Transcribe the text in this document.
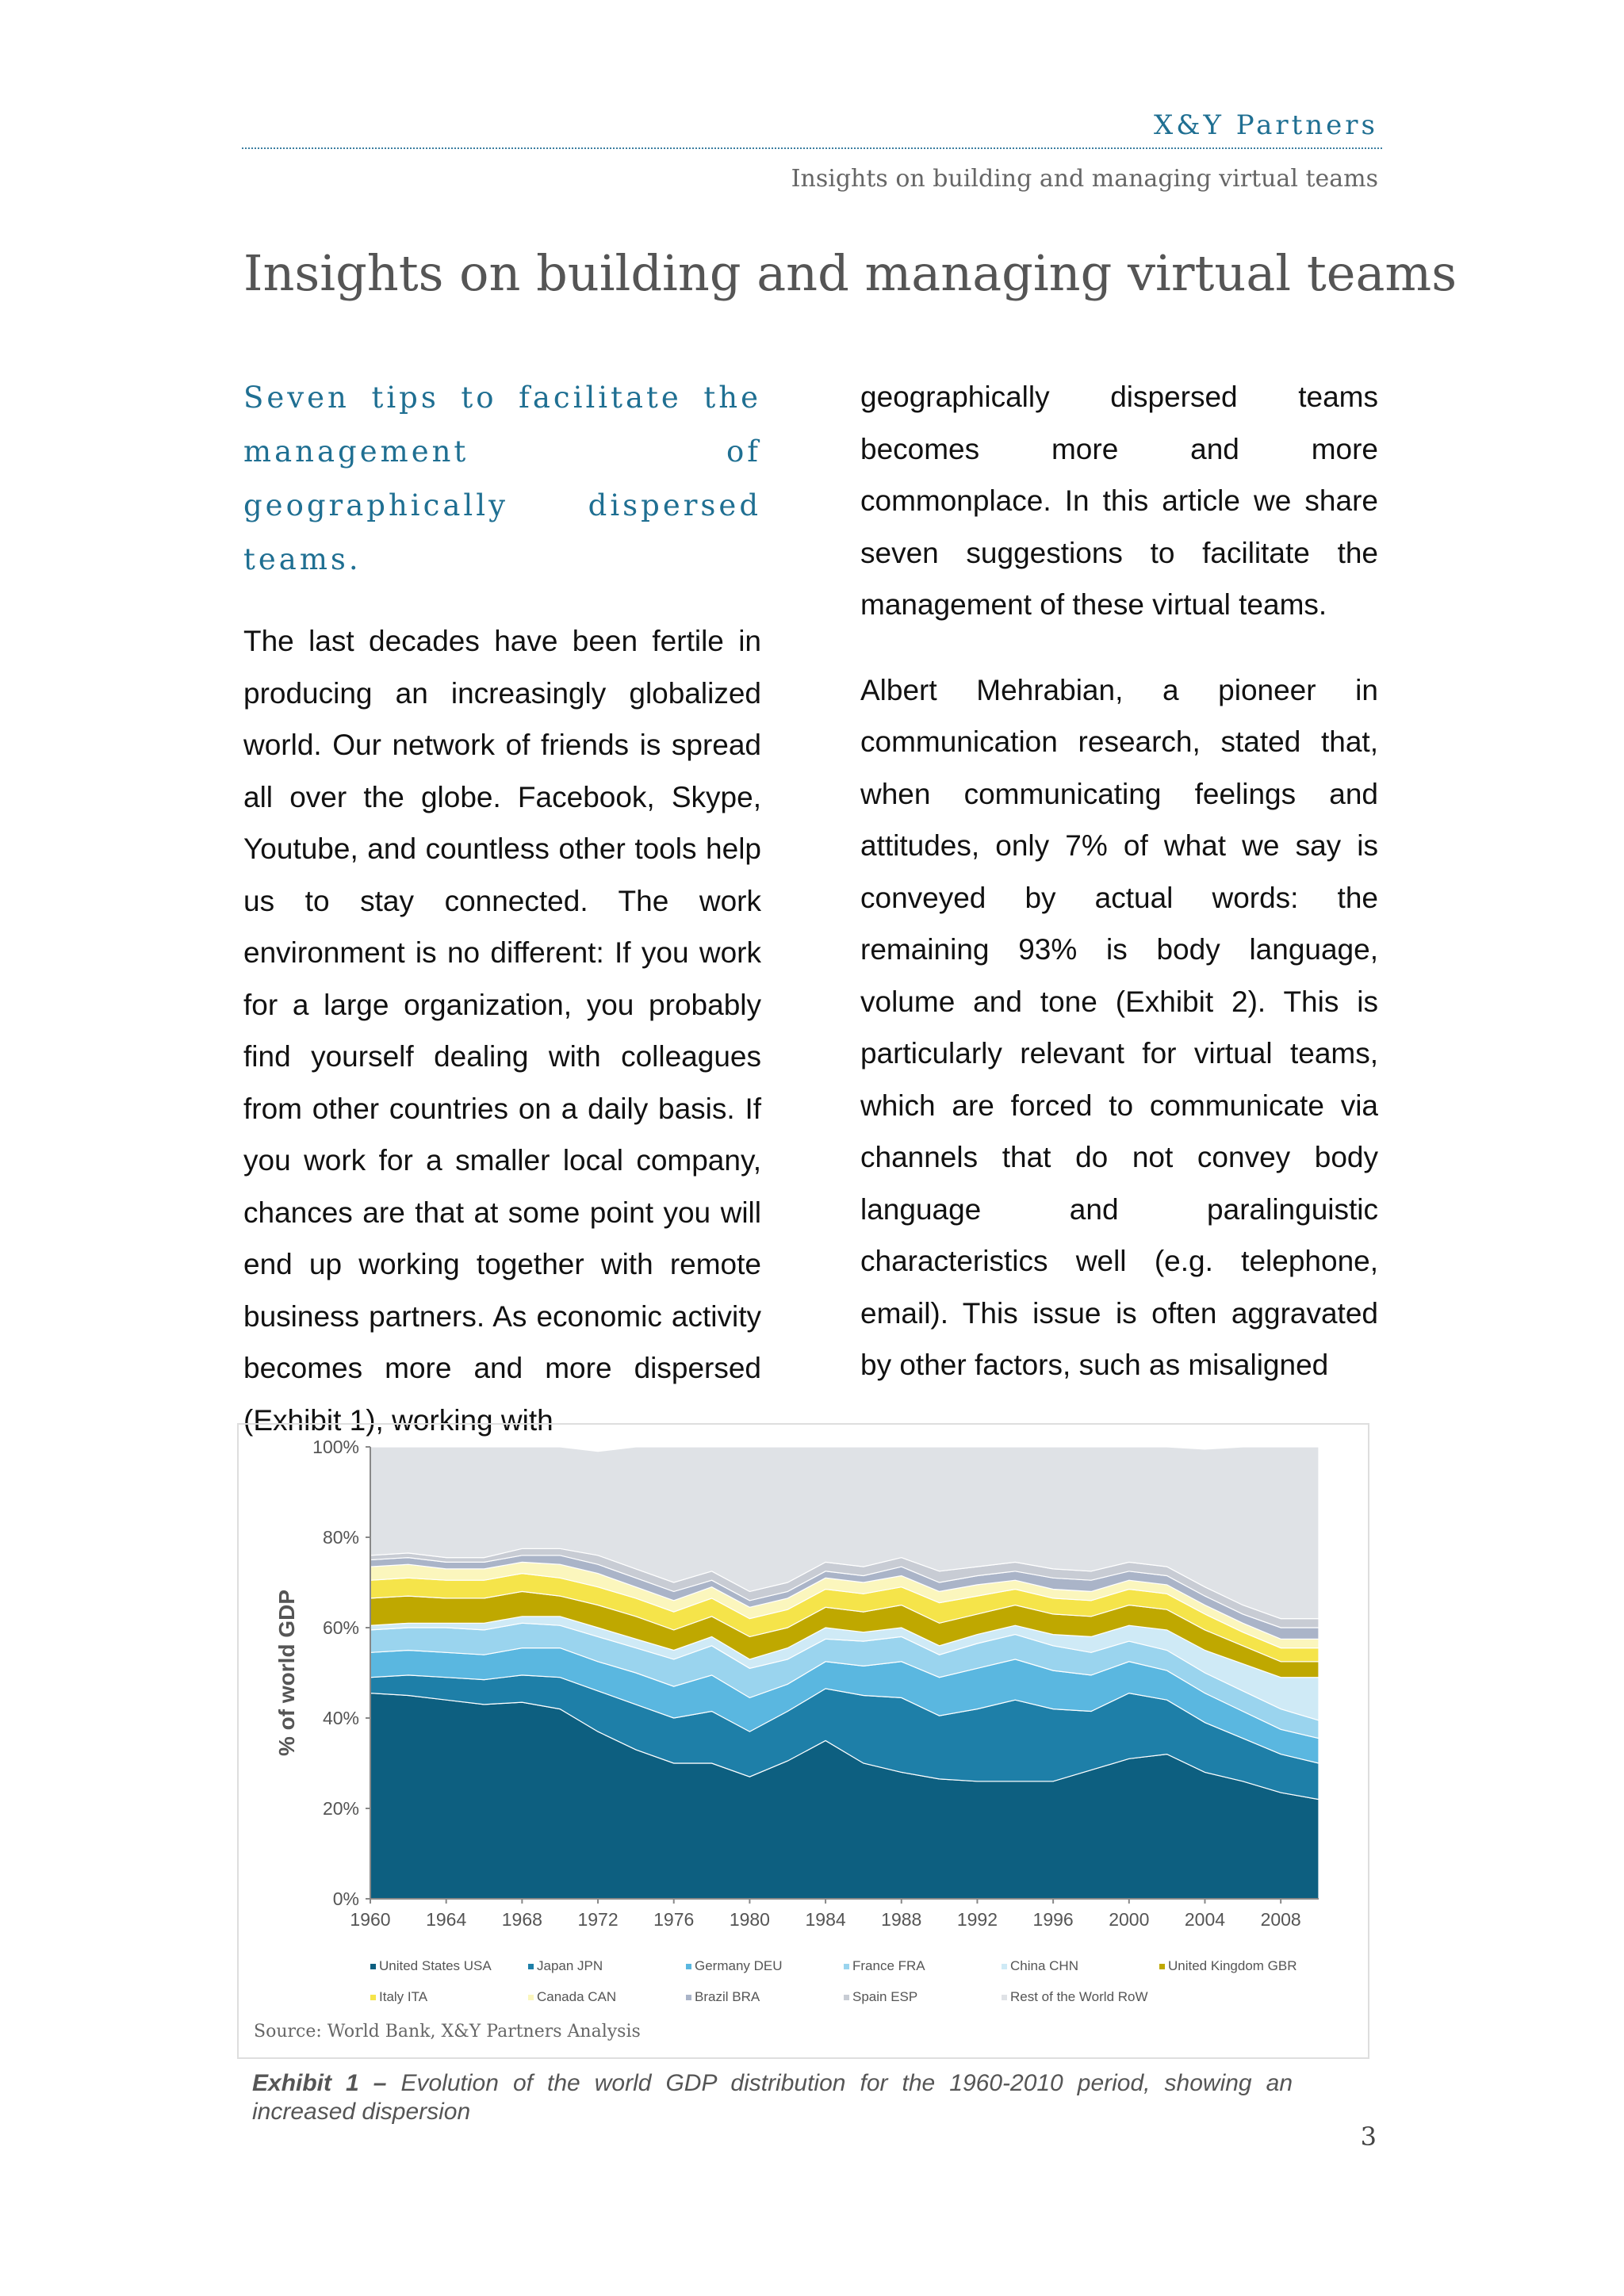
X&Y Partners
Insights on building and managing virtual teams
Insights on building and managing virtual teams

Seven tips to facilitate the management of geographically dispersed teams.

The last decades have been fertile in producing an increasingly globalized world. Our network of friends is spread all over the globe. Facebook, Skype, Youtube, and countless other tools help us to stay connected. The work environment is no different: If you work for a large organization, you probably find yourself dealing with colleagues from other countries on a daily basis. If you work for a smaller local company, chances are that at some point you will end up working together with remote business partners. As economic activity becomes more and more dispersed (Exhibit 1), working with

geographically dispersed teams becomes more and more commonplace. In this article we share seven suggestions to facilitate the management of these virtual teams.

Albert Mehrabian, a pioneer in communication research, stated that, when communicating feelings and attitudes, only 7% of what we say is conveyed by actual words: the remaining 93% is body language, volume and tone (Exhibit 2). This is particularly relevant for virtual teams, which are forced to communicate via channels that do not convey body language and paralinguistic characteristics well (e.g. telephone, email). This issue is often aggravated by other factors, such as misaligned

0%
20%
40%
60%
80%
100%
1960 1964 1968 1972 1976 1980 1984 1988 1992 1996 2000 2004 2008
% of world GDP
United States USA	Japan JPN	Germany DEU	France FRA	China CHN	United Kingdom GBR
Italy ITA	Canada CAN	Brazil BRA	Spain ESP	Rest of the World RoW
Source: World Bank, X&Y Partners Analysis
Exhibit 1 – Evolution of the world GDP distribution for the 1960-2010 period, showing an increased dispersion
3
